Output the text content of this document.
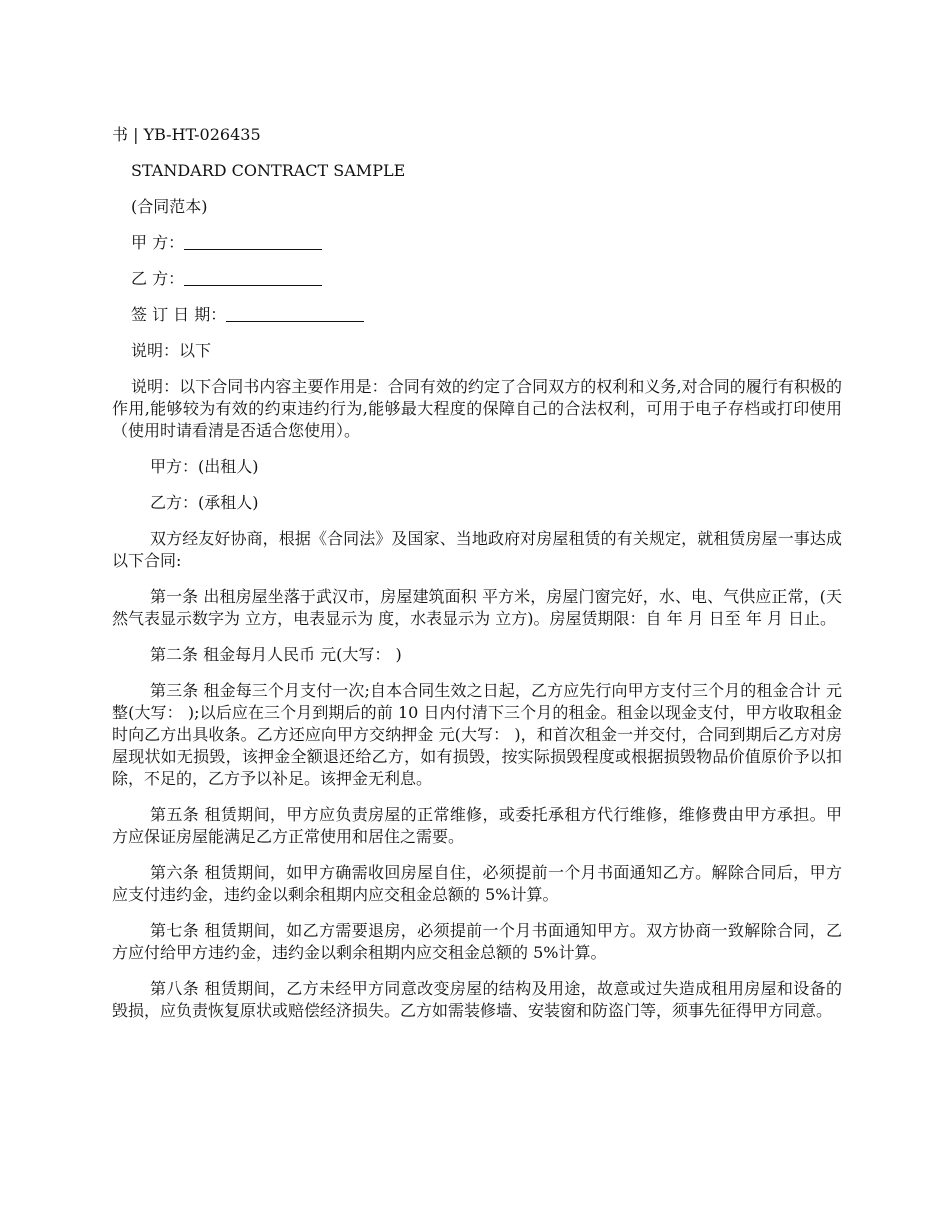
书 | YB-HT-026435
STANDARD CONTRACT SAMPLE
(合同范本)
甲 方：
乙 方：
签 订 日 期：
说明：以下
说明：以下合同书内容主要作用是：合同有效的约定了合同双方的权利和义务,对合同的履行有积极的作用,能够较为有效的约束违约行为,能够最大程度的保障自己的合法权利，可用于电子存档或打印使用（使用时请看清是否适合您使用）。
甲方：(出租人)
乙方：(承租人)
双方经友好协商，根据《合同法》及国家、当地政府对房屋租赁的有关规定，就租赁房屋一事达成以下合同:
第一条 出租房屋坐落于武汉市，房屋建筑面积 平方米，房屋门窗完好，水、电、气供应正常，(天然气表显示数字为 立方，电表显示为 度，水表显示为 立方)。房屋赁期限：自 年 月 日至 年 月 日止。
第二条 租金每月人民币 元(大写： )
第三条 租金每三个月支付一次;自本合同生效之日起，乙方应先行向甲方支付三个月的租金合计 元整(大写： );以后应在三个月到期后的前 10 日内付清下三个月的租金。租金以现金支付，甲方收取租金时向乙方出具收条。乙方还应向甲方交纳押金 元(大写： )，和首次租金一并交付，合同到期后乙方对房屋现状如无损毁，该押金全额退还给乙方，如有损毁，按实际损毁程度或根据损毁物品价值原价予以扣除，不足的，乙方予以补足。该押金无利息。
第五条 租赁期间，甲方应负责房屋的正常维修，或委托承租方代行维修，维修费由甲方承担。甲方应保证房屋能满足乙方正常使用和居住之需要。
第六条 租赁期间，如甲方确需收回房屋自住，必须提前一个月书面通知乙方。解除合同后，甲方应支付违约金，违约金以剩余租期内应交租金总额的 5%计算。
第七条 租赁期间，如乙方需要退房，必须提前一个月书面通知甲方。双方协商一致解除合同，乙方应付给甲方违约金，违约金以剩余租期内应交租金总额的 5%计算。
第八条 租赁期间，乙方未经甲方同意改变房屋的结构及用途，故意或过失造成租用房屋和设备的毁损，应负责恢复原状或赔偿经济损失。乙方如需装修墙、安装窗和防盗门等，须事先征得甲方同意。
